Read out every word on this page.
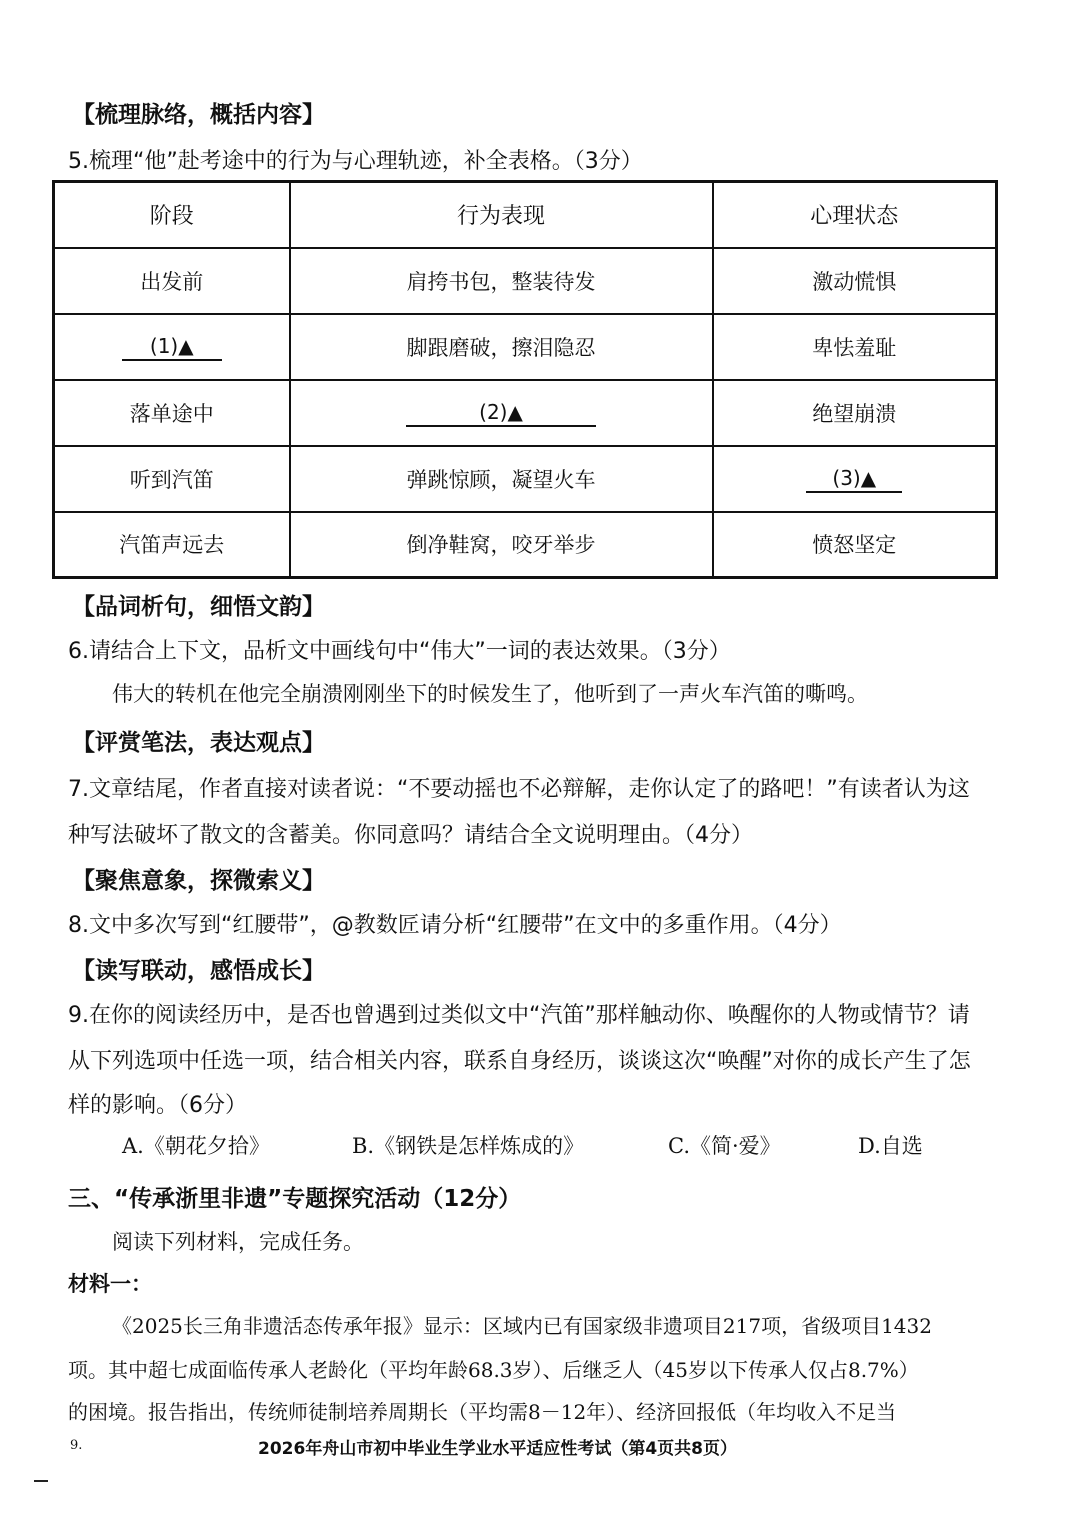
【梳理脉络，概括内容】
5.梳理“他”赴考途中的行为与心理轨迹，补全表格。（3分）
阶段	行为表现	心理状态
出发前	肩挎书包，整装待发	激动慌惧
(1)▲	脚跟磨破，擦泪隐忍	卑怯羞耻
落单途中	(2)▲	绝望崩溃
听到汽笛	弹跳惊顾，凝望火车	(3)▲
汽笛声远去	倒净鞋窝，咬牙举步	愤怒坚定
【品词析句，细悟文韵】
6.请结合上下文，品析文中画线句中“伟大”一词的表达效果。（3分）
伟大的转机在他完全崩溃刚刚坐下的时候发生了，他听到了一声火车汽笛的嘶鸣。
【评赏笔法，表达观点】
7.文章结尾，作者直接对读者说：“不要动摇也不必辩解，走你认定了的路吧！”有读者认为这
种写法破坏了散文的含蓄美。你同意吗？请结合全文说明理由。（4分）
【聚焦意象，探微索义】
8.文中多次写到“红腰带”，@教数匠请分析“红腰带”在文中的多重作用。（4分）
【读写联动，感悟成长】
9.在你的阅读经历中，是否也曾遇到过类似文中“汽笛”那样触动你、唤醒你的人物或情节？请
从下列选项中任选一项，结合相关内容，联系自身经历，谈谈这次“唤醒”对你的成长产生了怎
样的影响。（6分）
A.《朝花夕拾》	B.《钢铁是怎样炼成的》	C.《简·爱》	D.自选
三、“传承浙里非遗”专题探究活动（12分）
阅读下列材料，完成任务。
材料一：
《2025长三角非遗活态传承年报》显示：区域内已有国家级非遗项目217项，省级项目1432
项。其中超七成面临传承人老龄化（平均年龄68.3岁）、后继乏人（45岁以下传承人仅占8.7%）
的困境。报告指出，传统师徒制培养周期长（平均需8－12年）、经济回报低（年均收入不足当
9.	2026年舟山市初中毕业生学业水平适应性考试（第4页共8页）
